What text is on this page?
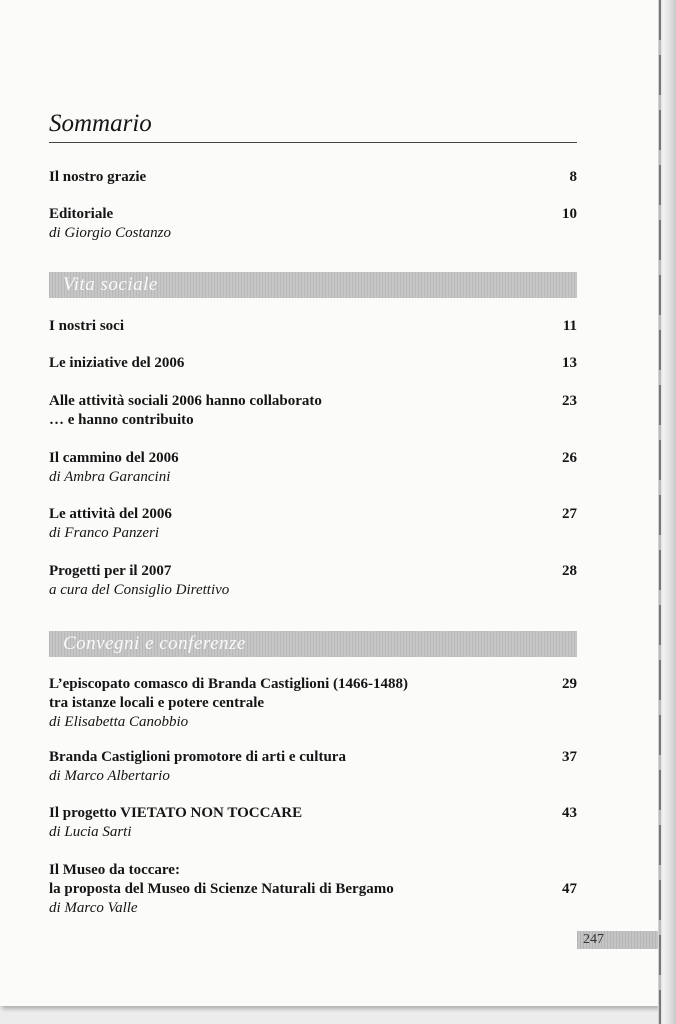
Sommario
Il nostro grazie	8
Editoriale	10
di Giorgio Costanzo
Vita sociale
I nostri soci	11
Le iniziative del 2006	13
Alle attività sociali 2006 hanno collaborato	23
… e hanno contribuito
Il cammino del 2006	26
di Ambra Garancini
Le attività del 2006	27
di Franco Panzeri
Progetti per il 2007	28
a cura del Consiglio Direttivo
Convegni e conferenze
L’episcopato comasco di Branda Castiglioni (1466-1488)	29
tra istanze locali e potere centrale
di Elisabetta Canobbio
Branda Castiglioni promotore di arti e cultura	37
di Marco Albertario
Il progetto VIETATO NON TOCCARE	43
di Lucia Sarti
Il Museo da toccare:
la proposta del Museo di Scienze Naturali di Bergamo	47
di Marco Valle
247
